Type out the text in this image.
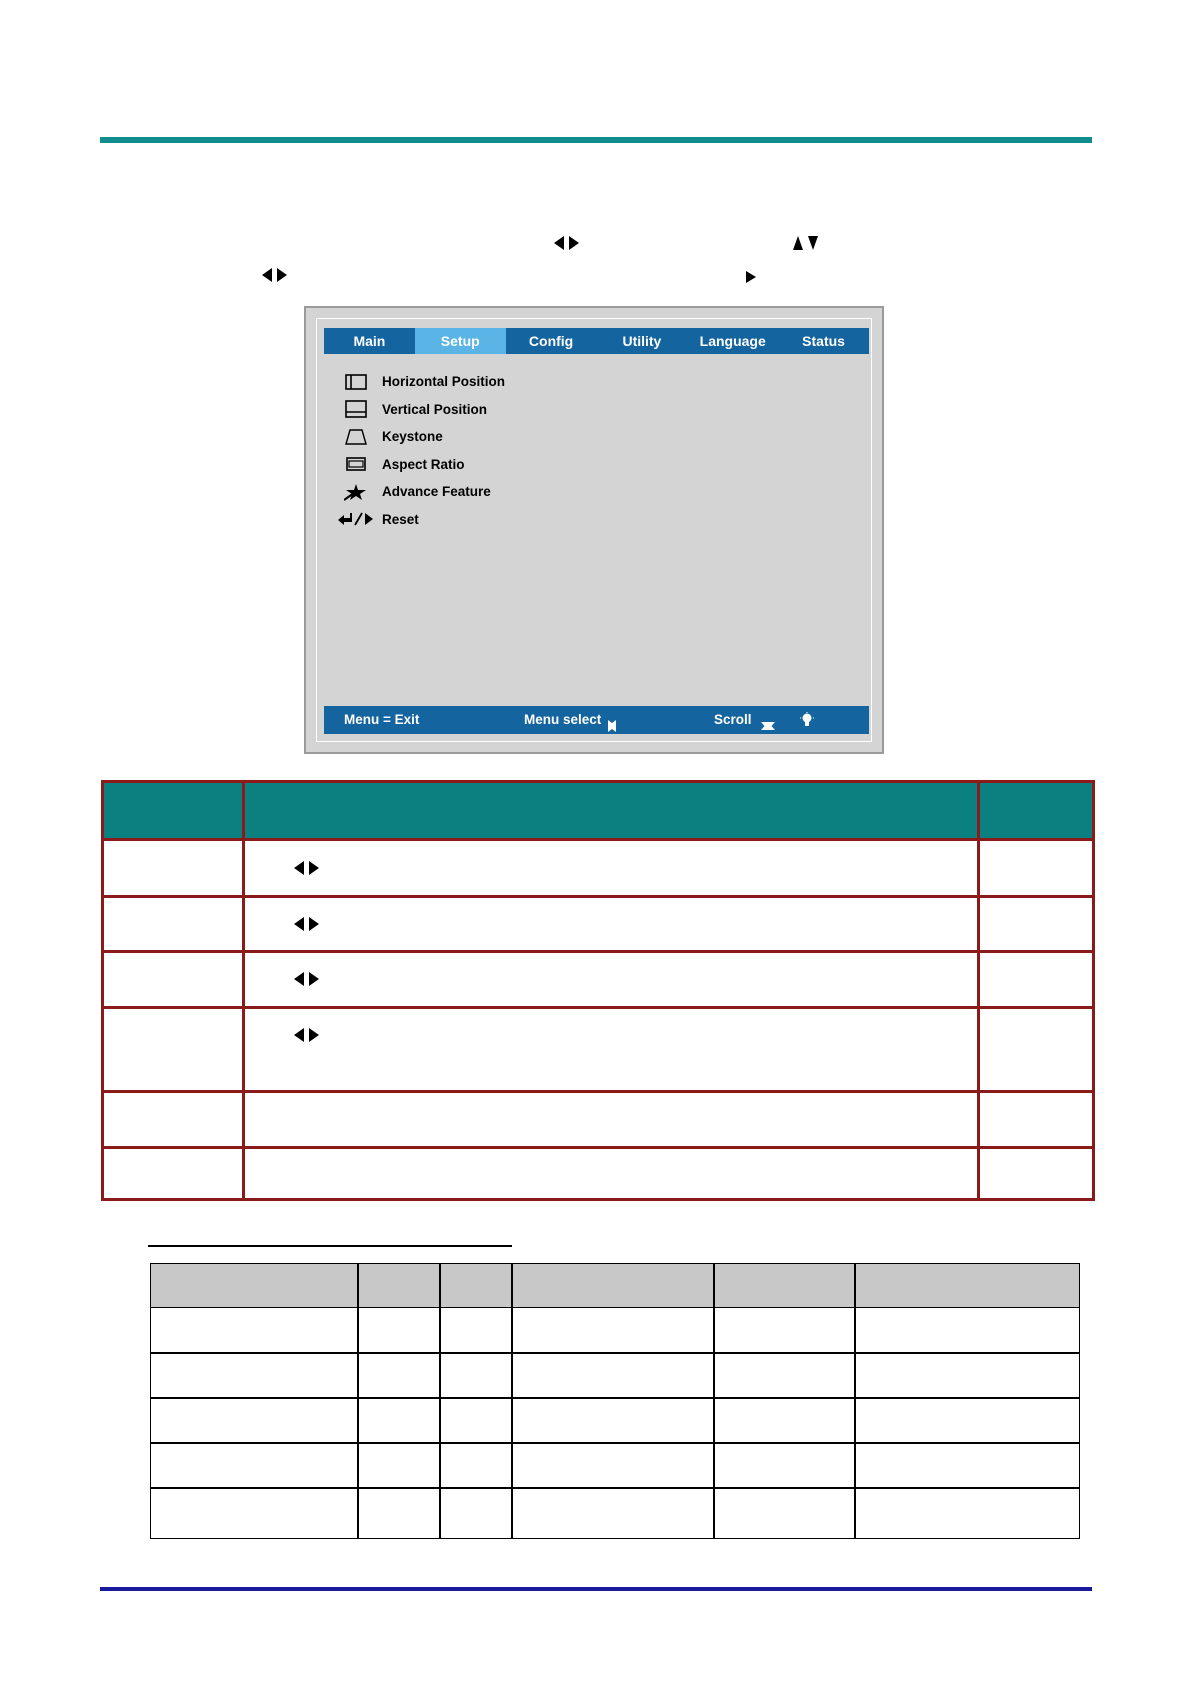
Main	Setup	Config	Utility	Language	Status
Horizontal Position
Vertical Position
Keystone
Aspect Ratio
Advance Feature
Reset
Menu = Exit	Menu select	Scroll
